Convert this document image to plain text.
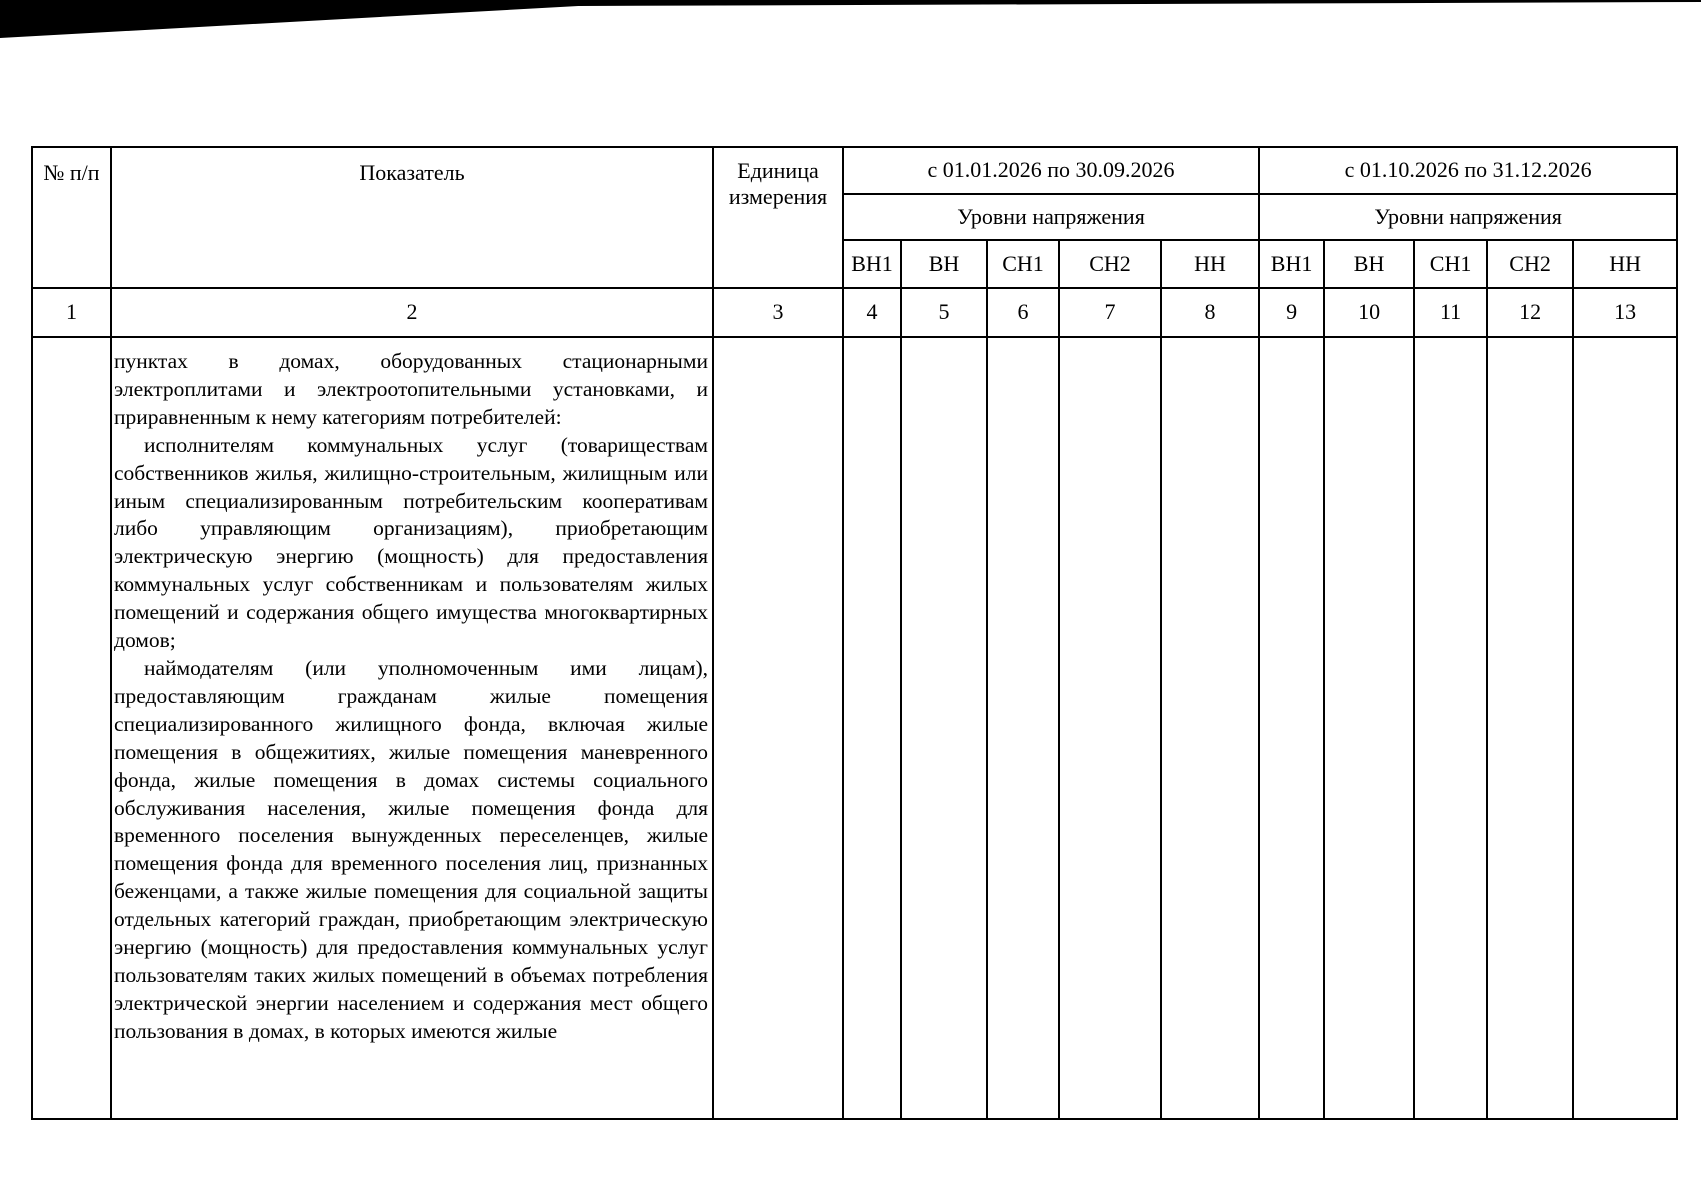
№ п/п	Показатель	Единица измерения	с 01.01.2026 по 30.09.2026					с 01.10.2026 по 31.12.2026				
			Уровни напряжения					Уровни напряжения				
			ВН1	ВН	СН1	СН2	НН	ВН1	ВН	СН1	СН2	НН
1	2	3	4	5	6	7	8	9	10	11	12	13

	пунктах в домах, оборудованных стационарными электроплитами и электроотопительными установками, и приравненным к нему категориям потребителей:

исполнителям коммунальных услуг (товариществам собственников жилья, жилищно-строительным, жилищным или иным специализированным потребительским кооперативам либо управляющим организациям), приобретающим электрическую энергию (мощность) для предоставления коммунальных услуг собственникам и пользователям жилых помещений и содержания общего имущества многоквартирных домов;

наймодателям (или уполномоченным ими лицам), предоставляющим гражданам жилые помещения специализированного жилищного фонда, включая жилые помещения в общежитиях, жилые помещения маневренного фонда, жилые помещения в домах системы социального обслуживания населения, жилые помещения фонда для временного поселения вынужденных переселенцев, жилые помещения фонда для временного поселения лиц, признанных беженцами, а также жилые помещения для социальной защиты отдельных категорий граждан, приобретающим электрическую энергию (мощность) для предоставления коммунальных услуг пользователям таких жилых помещений в объемах потребления электрической энергии населением и содержания мест общего пользования в домах, в которых имеются жилые											
